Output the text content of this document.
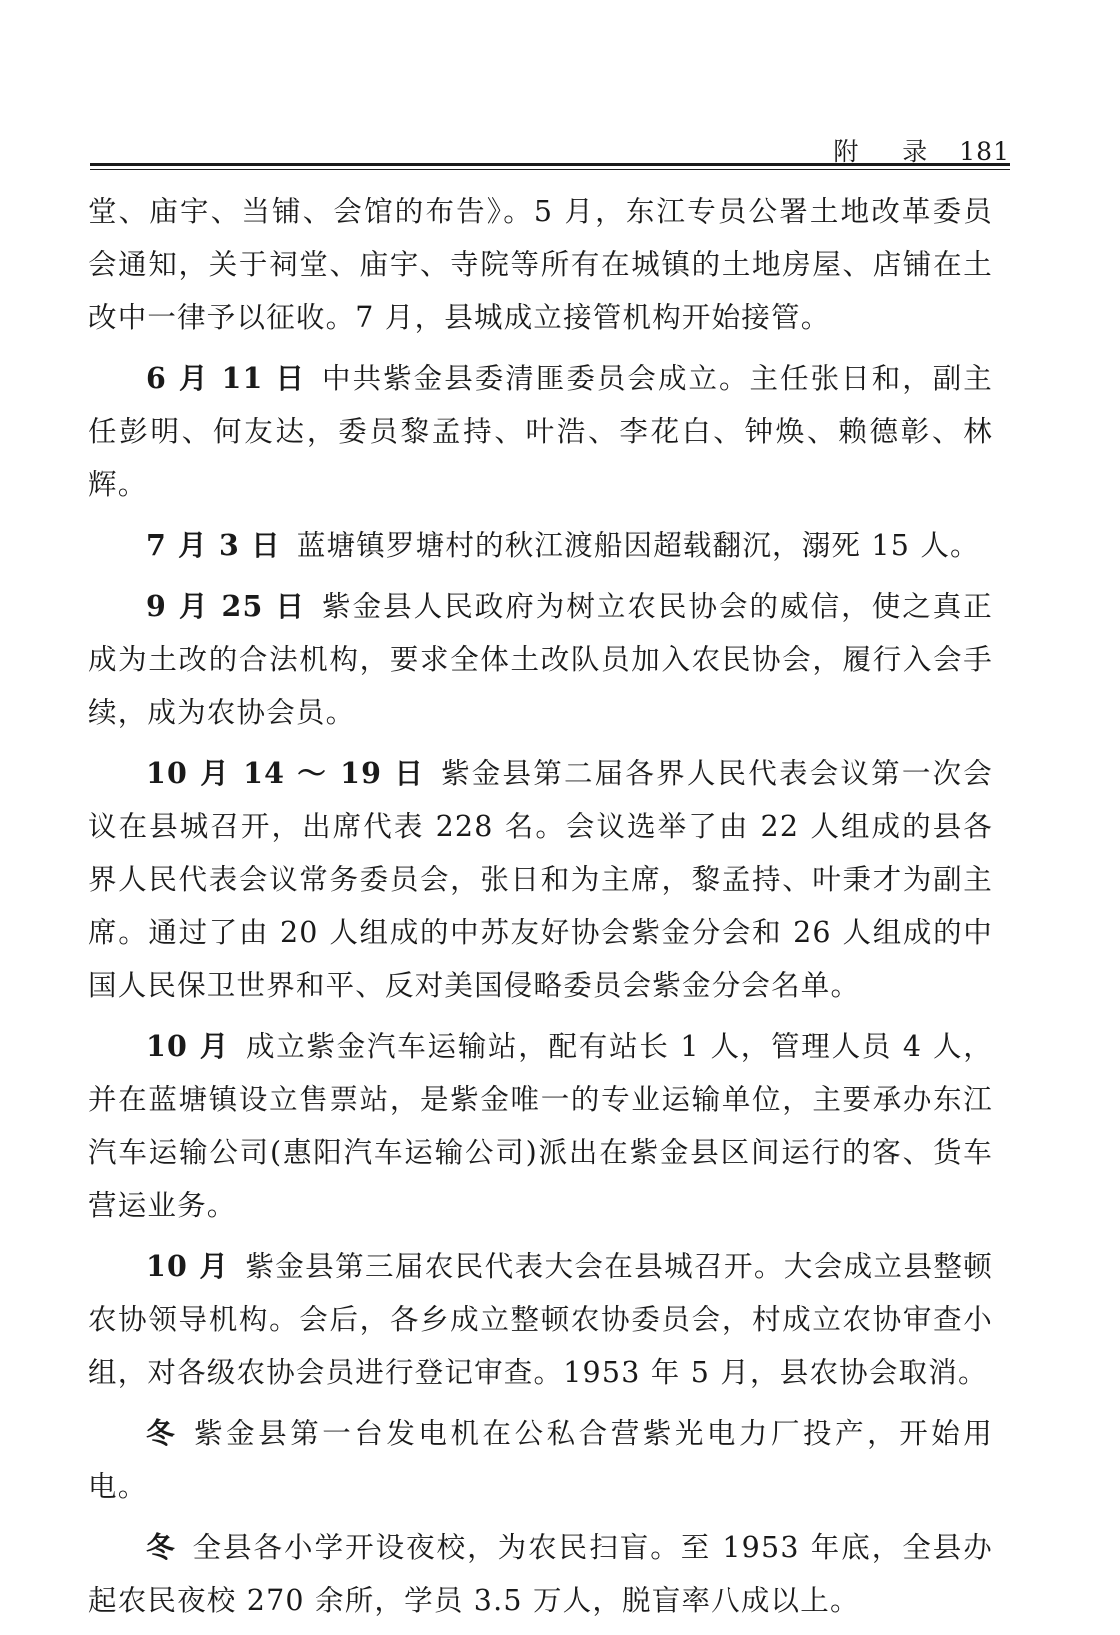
附 录 181

堂、庙宇、当铺、会馆的布告》。5 月，东江专员公署土地改革委员会通知，关于祠堂、庙宇、寺院等所有在城镇的土地房屋、店铺在土改中一律予以征收。7 月，县城成立接管机构开始接管。

6 月 11 日 中共紫金县委清匪委员会成立。主任张日和，副主任彭明、何友达，委员黎孟持、叶浩、李花白、钟焕、赖德彰、林辉。

7 月 3 日 蓝塘镇罗塘村的秋江渡船因超载翻沉，溺死 15 人。

9 月 25 日 紫金县人民政府为树立农民协会的威信，使之真正成为土改的合法机构，要求全体土改队员加入农民协会，履行入会手续，成为农协会员。

10 月 14 ～ 19 日 紫金县第二届各界人民代表会议第一次会议在县城召开，出席代表 228 名。会议选举了由 22 人组成的县各界人民代表会议常务委员会，张日和为主席，黎孟持、叶秉才为副主席。通过了由 20 人组成的中苏友好协会紫金分会和 26 人组成的中国人民保卫世界和平、反对美国侵略委员会紫金分会名单。

10 月 成立紫金汽车运输站，配有站长 1 人，管理人员 4 人，并在蓝塘镇设立售票站，是紫金唯一的专业运输单位，主要承办东江汽车运输公司(惠阳汽车运输公司)派出在紫金县区间运行的客、货车营运业务。

10 月 紫金县第三届农民代表大会在县城召开。大会成立县整顿农协领导机构。会后，各乡成立整顿农协委员会，村成立农协审查小组，对各级农协会员进行登记审查。1953 年 5 月，县农协会取消。

冬 紫金县第一台发电机在公私合营紫光电力厂投产，开始用电。

冬 全县各小学开设夜校，为农民扫盲。至 1953 年底，全县办起农民夜校 270 余所，学员 3.5 万人，脱盲率八成以上。
